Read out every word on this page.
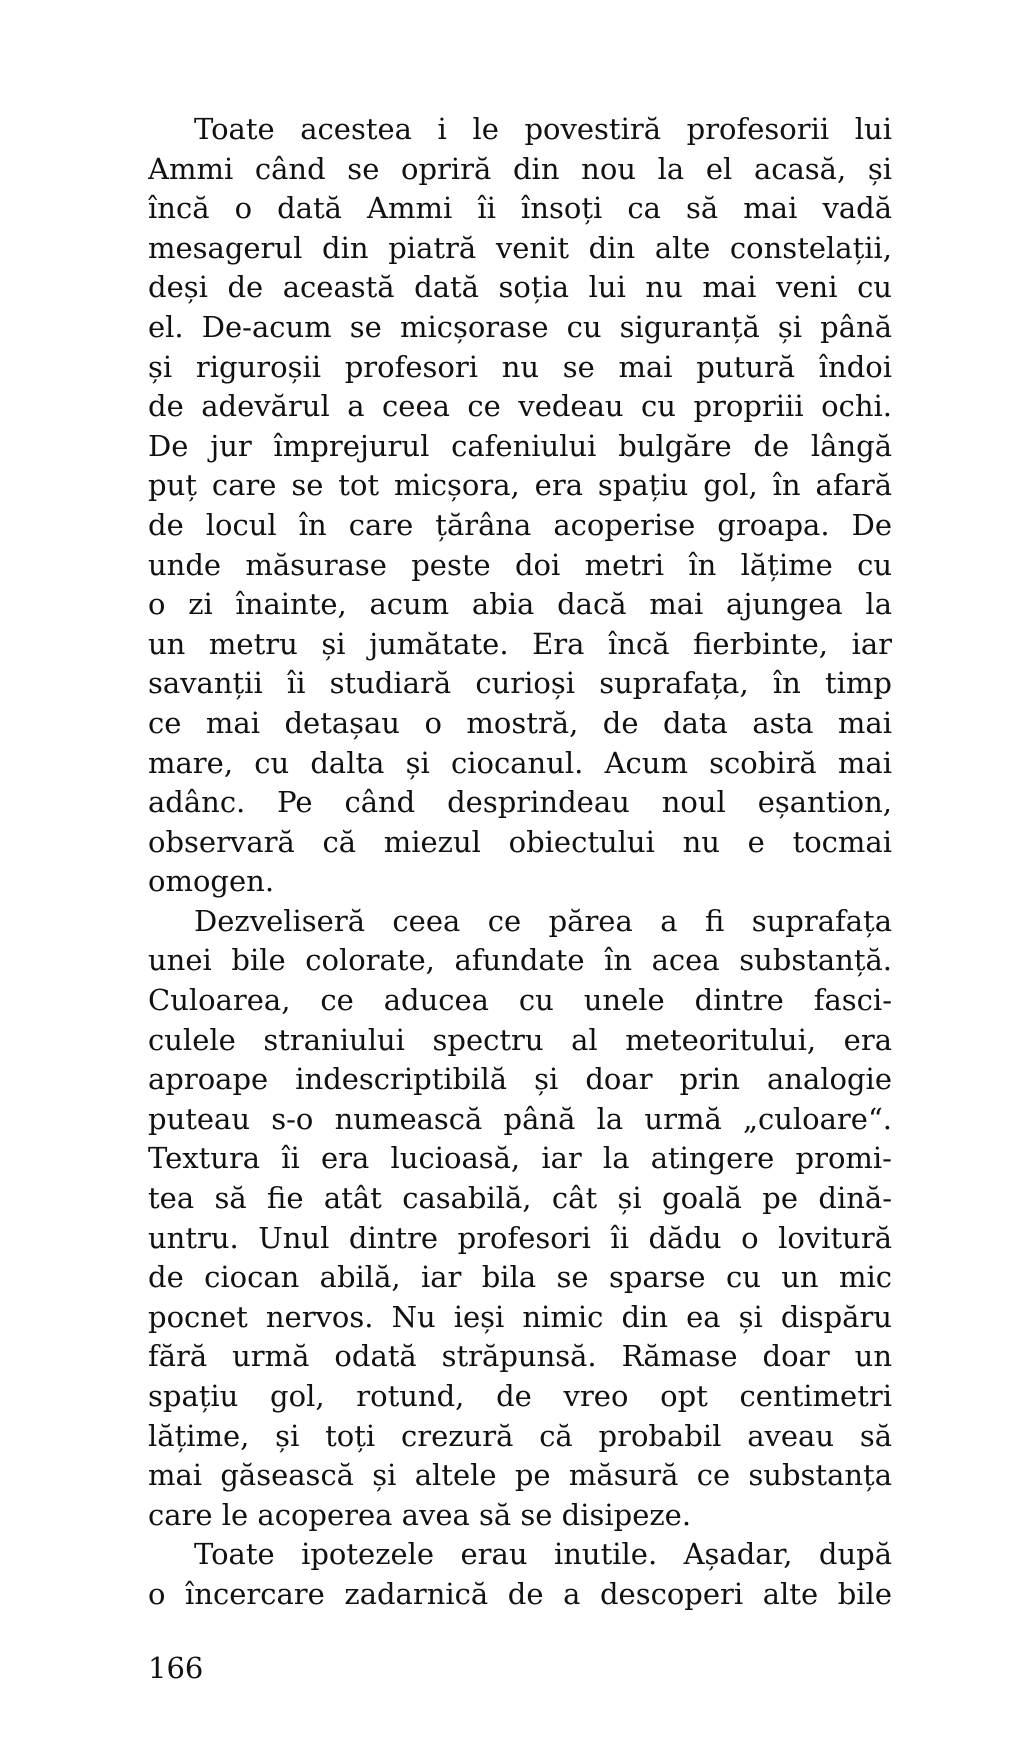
Toate acestea i le povestiră profesorii lui
Ammi când se opriră din nou la el acasă, și
încă o dată Ammi îi însoți ca să mai vadă
mesagerul din piatră venit din alte constelații,
deși de această dată soția lui nu mai veni cu
el. De-acum se micșorase cu siguranță și până
și riguroșii profesori nu se mai putură îndoi
de adevărul a ceea ce vedeau cu propriii ochi.
De jur împrejurul cafeniului bulgăre de lângă
puț care se tot micșora, era spațiu gol, în afară
de locul în care țărâna acoperise groapa. De
unde măsurase peste doi metri în lățime cu
o zi înainte, acum abia dacă mai ajungea la
un metru și jumătate. Era încă fierbinte, iar
savanții îi studiară curioși suprafața, în timp
ce mai detașau o mostră, de data asta mai
mare, cu dalta și ciocanul. Acum scobiră mai
adânc. Pe când desprindeau noul eșantion,
observară că miezul obiectului nu e tocmai
omogen.
Dezveliseră ceea ce părea a fi suprafața
unei bile colorate, afundate în acea substanță.
Culoarea, ce aducea cu unele dintre fasci-
culele straniului spectru al meteoritului, era
aproape indescriptibilă și doar prin analogie
puteau s-o numească până la urmă „culoare“.
Textura îi era lucioasă, iar la atingere promi-
tea să fie atât casabilă, cât și goală pe dină-
untru. Unul dintre profesori îi dădu o lovitură
de ciocan abilă, iar bila se sparse cu un mic
pocnet nervos. Nu ieși nimic din ea și dispăru
fără urmă odată străpunsă. Rămase doar un
spațiu gol, rotund, de vreo opt centimetri
lățime, și toți crezură că probabil aveau să
mai găsească și altele pe măsură ce substanța
care le acoperea avea să se disipeze.
Toate ipotezele erau inutile. Așadar, după
o încercare zadarnică de a descoperi alte bile
166
